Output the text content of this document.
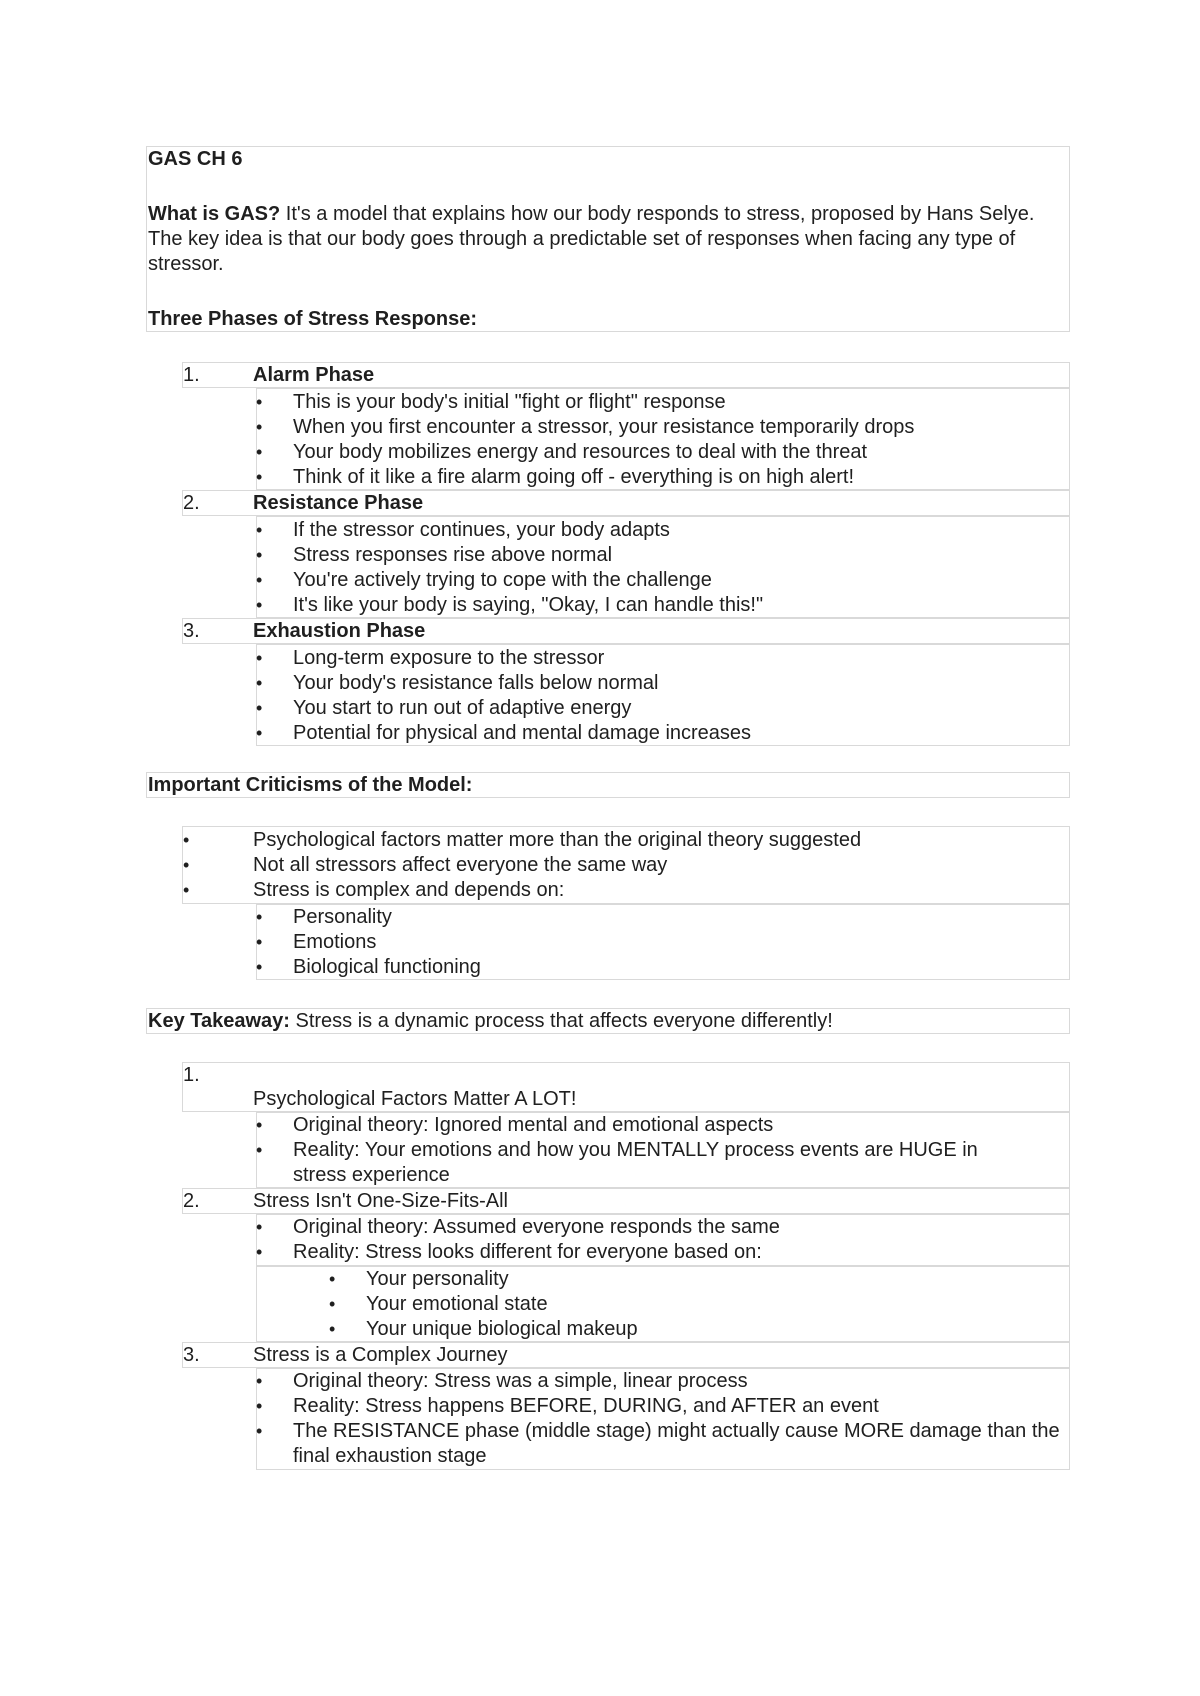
GAS CH 6
What is GAS? It's a model that explains how our body responds to stress, proposed by Hans Selye. The key idea is that our body goes through a predictable set of responses when facing any type of stressor.
Three Phases of Stress Response:
1.	Alarm Phase
• This is your body's initial "fight or flight" response
• When you first encounter a stressor, your resistance temporarily drops
• Your body mobilizes energy and resources to deal with the threat
• Think of it like a fire alarm going off - everything is on high alert!
2.	Resistance Phase
• If the stressor continues, your body adapts
• Stress responses rise above normal
• You're actively trying to cope with the challenge
• It's like your body is saying, "Okay, I can handle this!"
3.	Exhaustion Phase
• Long-term exposure to the stressor
• Your body's resistance falls below normal
• You start to run out of adaptive energy
• Potential for physical and mental damage increases
Important Criticisms of the Model:
•	Psychological factors matter more than the original theory suggested
•	Not all stressors affect everyone the same way
•	Stress is complex and depends on:
• Personality
• Emotions
• Biological functioning
Key Takeaway: Stress is a dynamic process that affects everyone differently!
1.
Psychological Factors Matter A LOT!
• Original theory: Ignored mental and emotional aspects
• Reality: Your emotions and how you MENTALLY process events are HUGE in stress experience
2.	Stress Isn't One-Size-Fits-All
• Original theory: Assumed everyone responds the same
• Reality: Stress looks different for everyone based on:
• Your personality
• Your emotional state
• Your unique biological makeup
3.	Stress is a Complex Journey
• Original theory: Stress was a simple, linear process
• Reality: Stress happens BEFORE, DURING, and AFTER an event
• The RESISTANCE phase (middle stage) might actually cause MORE damage than the final exhaustion stage
